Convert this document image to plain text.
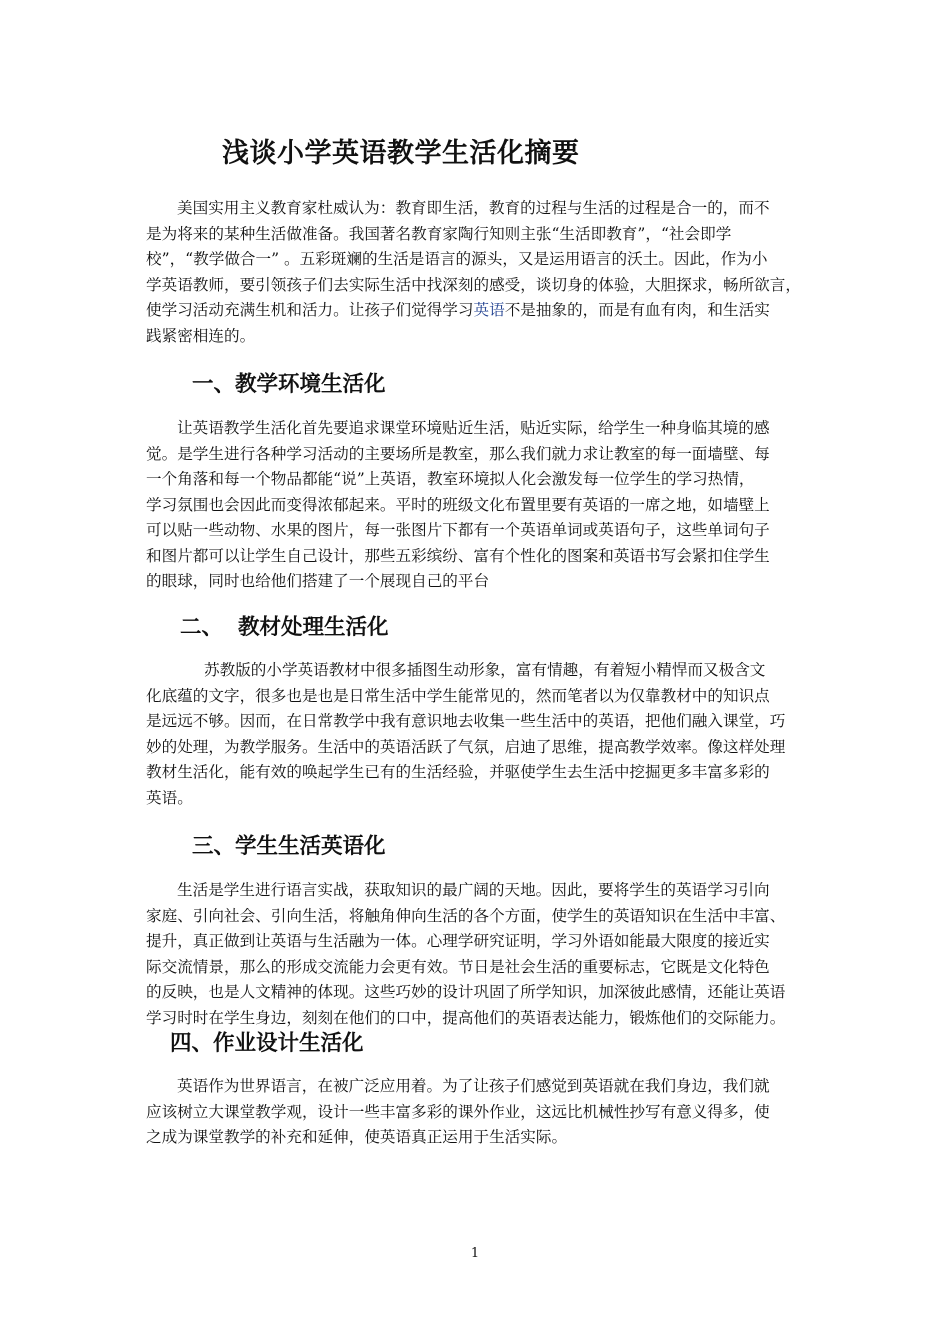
浅谈小学英语教学生活化摘要
美国实用主义教育家杜威认为：教育即生活，教育的过程与生活的过程是合一的，而不
是为将来的某种生活做准备。我国著名教育家陶行知则主张“生活即教育”，“社会即学
校”，“教学做合一” 。五彩斑斓的生活是语言的源头，又是运用语言的沃土。因此，作为小
学英语教师，要引领孩子们去实际生活中找深刻的感受，谈切身的体验，大胆探求，畅所欲言，
使学习活动充满生机和活力。让孩子们觉得学习英语不是抽象的，而是有血有肉，和生活实
践紧密相连的。
一、教学环境生活化
让英语教学生活化首先要追求课堂环境贴近生活，贴近实际，给学生一种身临其境的感
觉。是学生进行各种学习活动的主要场所是教室，那么我们就力求让教室的每一面墙壁、每
一个角落和每一个物品都能“说”上英语，教室环境拟人化会激发每一位学生的学习热情，
学习氛围也会因此而变得浓郁起来。平时的班级文化布置里要有英语的一席之地，如墙壁上
可以贴一些动物、水果的图片，每一张图片下都有一个英语单词或英语句子，这些单词句子
和图片都可以让学生自己设计，那些五彩缤纷、富有个性化的图案和英语书写会紧扣住学生
的眼球，同时也给他们搭建了一个展现自己的平台
二、  教材处理生活化
苏教版的小学英语教材中很多插图生动形象，富有情趣，有着短小精悍而又极含文
化底蕴的文字，很多也是也是日常生活中学生能常见的，然而笔者以为仅靠教材中的知识点
是远远不够。因而，在日常教学中我有意识地去收集一些生活中的英语，把他们融入课堂，巧
妙的处理，为教学服务。生活中的英语活跃了气氛，启迪了思维，提高教学效率。像这样处理
教材生活化，能有效的唤起学生已有的生活经验，并驱使学生去生活中挖掘更多丰富多彩的
英语。
三、学生生活英语化
生活是学生进行语言实战，获取知识的最广阔的天地。因此，要将学生的英语学习引向
家庭、引向社会、引向生活，将触角伸向生活的各个方面，使学生的英语知识在生活中丰富、
提升，真正做到让英语与生活融为一体。心理学研究证明，学习外语如能最大限度的接近实
际交流情景，那么的形成交流能力会更有效。节日是社会生活的重要标志，它既是文化特色
的反映，也是人文精神的体现。这些巧妙的设计巩固了所学知识，加深彼此感情，还能让英语
学习时时在学生身边，刻刻在他们的口中，提高他们的英语表达能力，锻炼他们的交际能力。
四、作业设计生活化
英语作为世界语言，在被广泛应用着。为了让孩子们感觉到英语就在我们身边，我们就
应该树立大课堂教学观，设计一些丰富多彩的课外作业，这远比机械性抄写有意义得多，使
之成为课堂教学的补充和延伸，使英语真正运用于生活实际。
1
